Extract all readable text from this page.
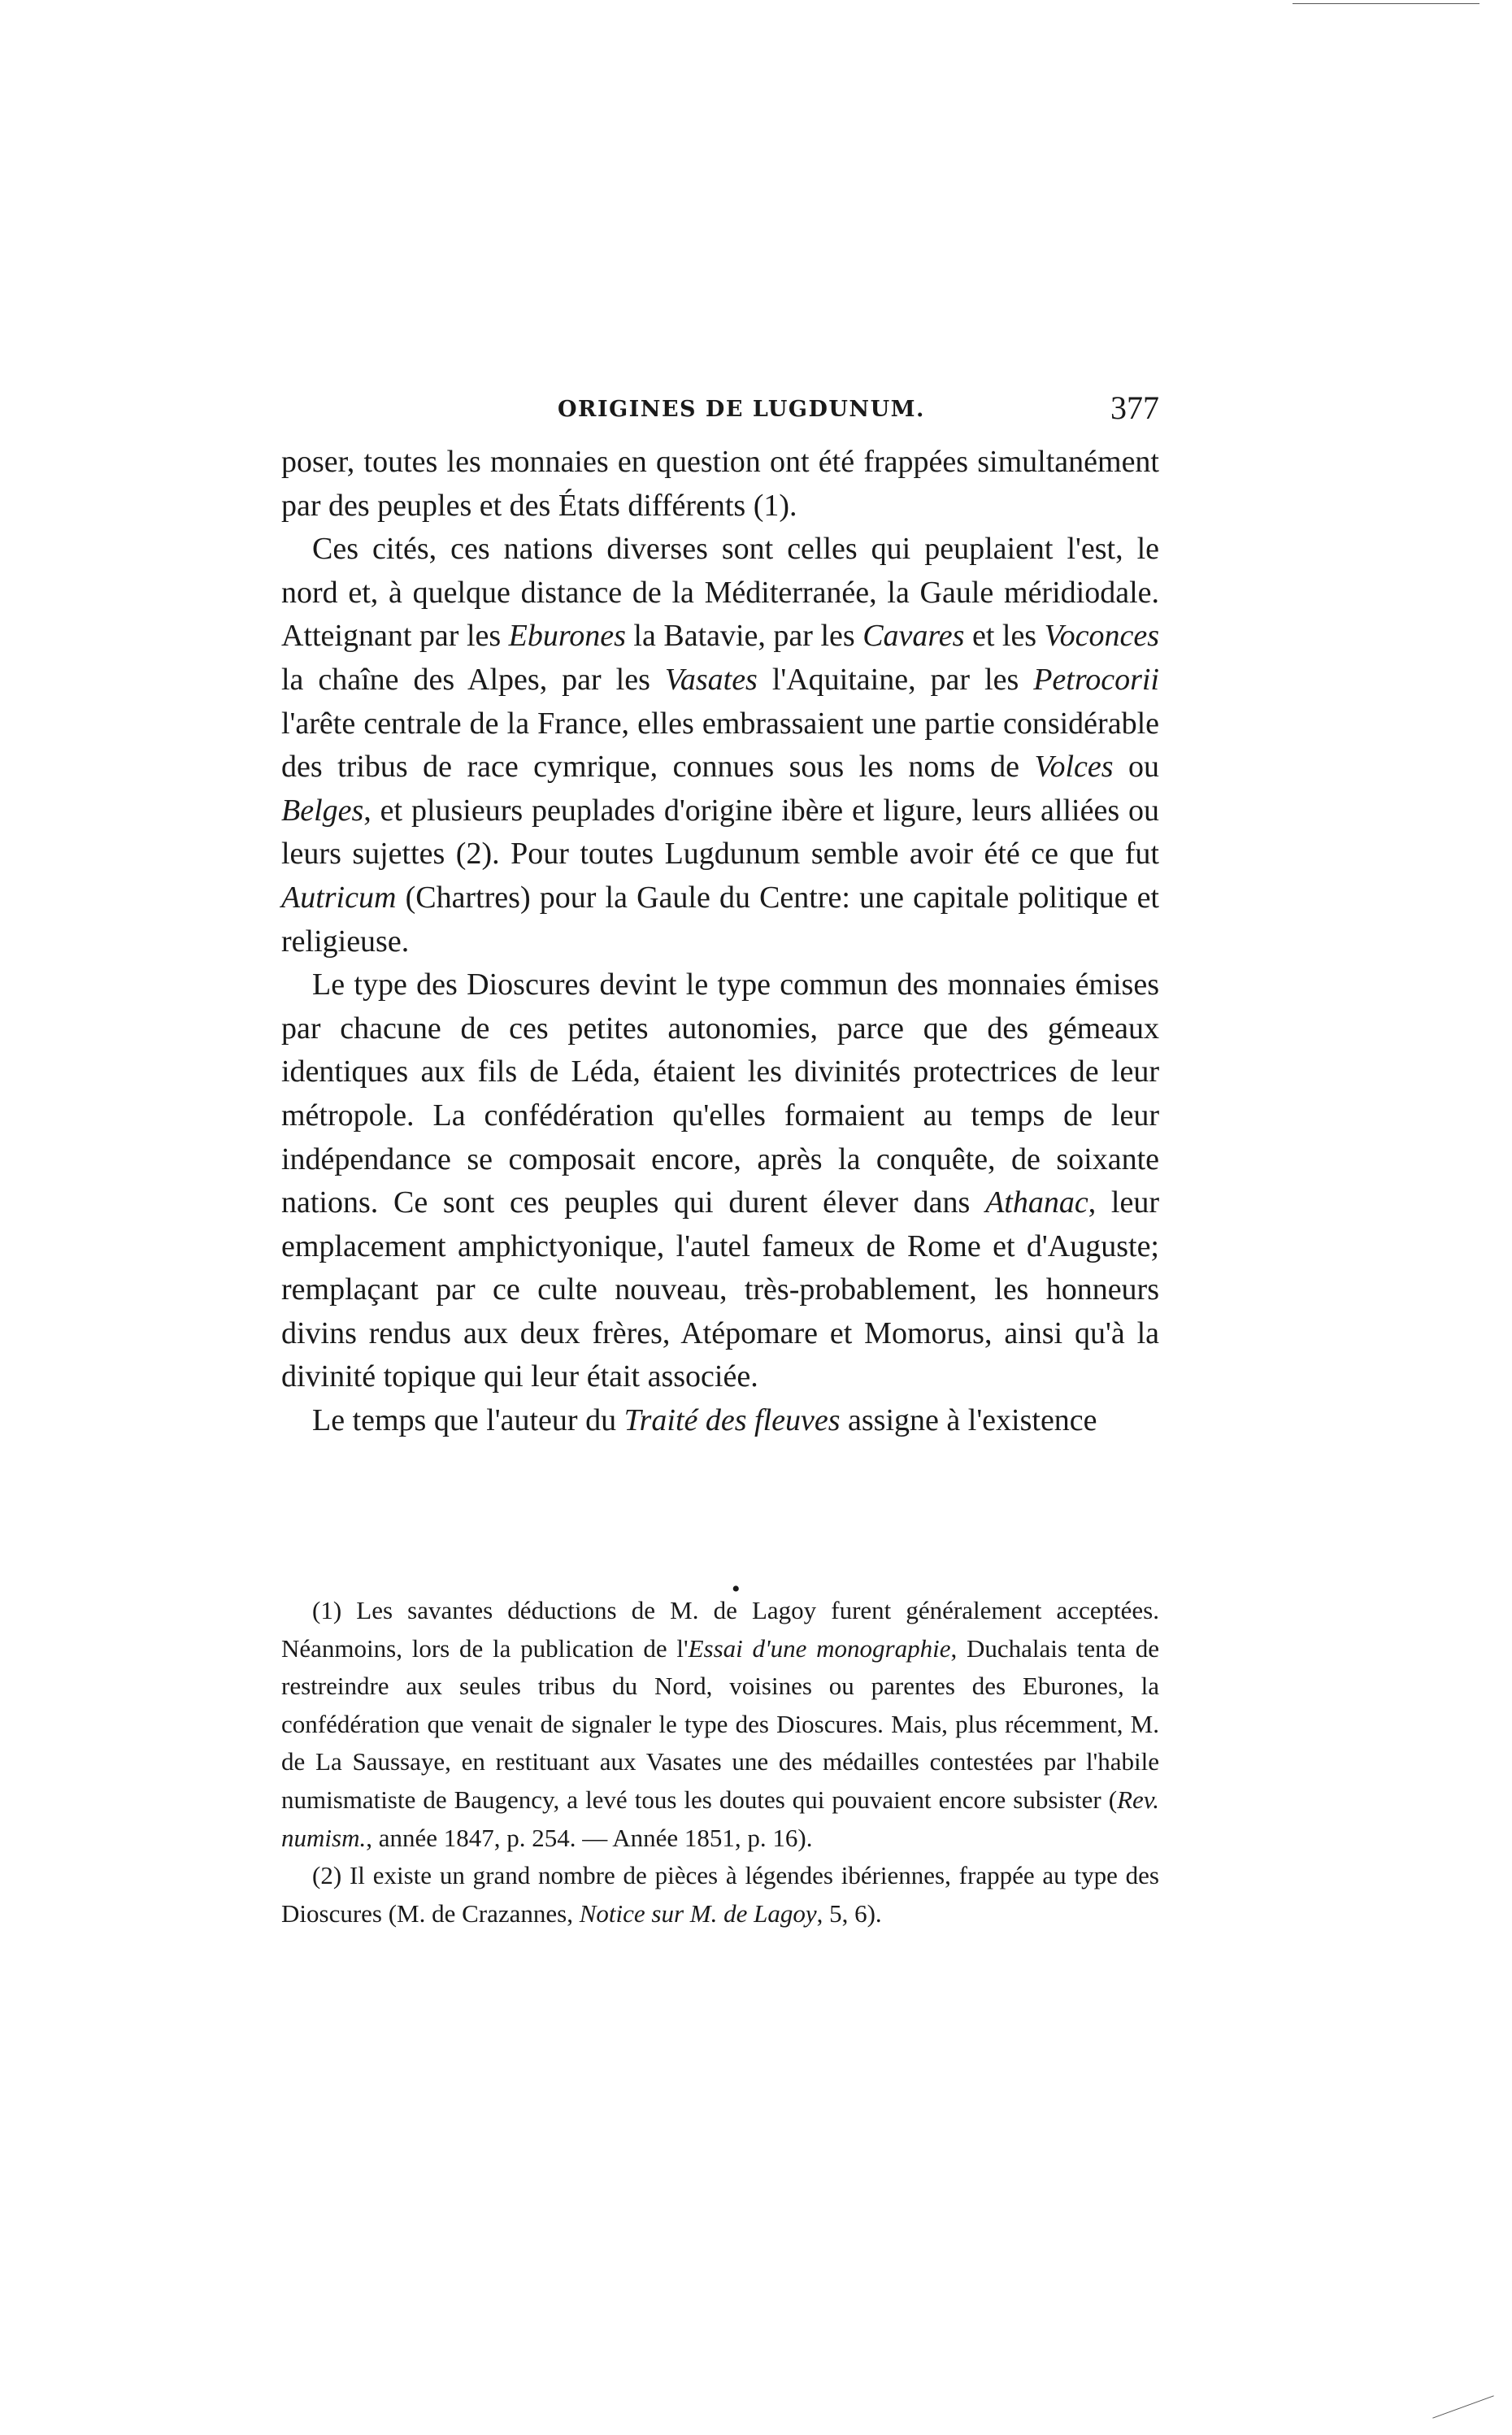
ORIGINES DE LUGDUNUM.	377

poser, toutes les monnaies en question ont été frappées simultanément par des peuples et des États différents (1).

Ces cités, ces nations diverses sont celles qui peuplaient l'est, le nord et, à quelque distance de la Méditerranée, la Gaule méridiodale. Atteignant par les Eburones la Batavie, par les Cavares et les Voconces la chaîne des Alpes, par les Vasates l'Aquitaine, par les Petrocorii l'arête centrale de la France, elles embrassaient une partie considérable des tribus de race cymrique, connues sous les noms de Volces ou Belges, et plusieurs peuplades d'origine ibère et ligure, leurs alliées ou leurs sujettes (2). Pour toutes Lugdunum semble avoir été ce que fut Autricum (Chartres) pour la Gaule du Centre: une capitale politique et religieuse.

Le type des Dioscures devint le type commun des monnaies émises par chacune de ces petites autonomies, parce que des gémeaux identiques aux fils de Léda, étaient les divinités protectrices de leur métropole. La confédération qu'elles formaient au temps de leur indépendance se composait encore, après la conquête, de soixante nations. Ce sont ces peuples qui durent élever dans Athanac, leur emplacement amphictyonique, l'autel fameux de Rome et d'Auguste; remplaçant par ce culte nouveau, très-probablement, les honneurs divins rendus aux deux frères, Atépomare et Momorus, ainsi qu'à la divinité topique qui leur était associée.

Le temps que l'auteur du Traité des fleuves assigne à l'existence

•

(1) Les savantes déductions de M. de Lagoy furent généralement acceptées. Néanmoins, lors de la publication de l'Essai d'une monographie, Duchalais tenta de restreindre aux seules tribus du Nord, voisines ou parentes des Eburones, la confédération que venait de signaler le type des Dioscures. Mais, plus récemment, M. de La Saussaye, en restituant aux Vasates une des médailles contestées par l'habile numismatiste de Baugency, a levé tous les doutes qui pouvaient encore subsister (Rev. numism., année 1847, p. 254. — Année 1851, p. 16).

(2) Il existe un grand nombre de pièces à légendes ibériennes, frappée au type des Dioscures (M. de Crazannes, Notice sur M. de Lagoy, 5, 6).
